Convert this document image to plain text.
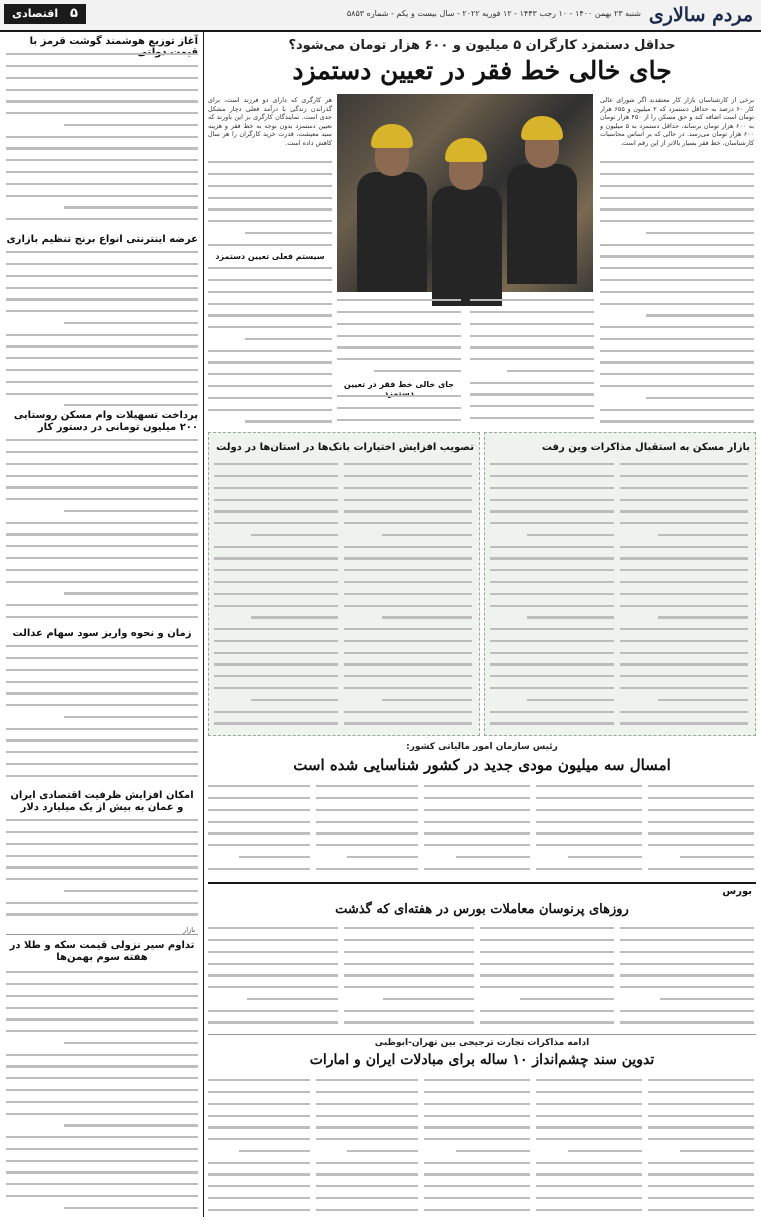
مردم سالاری
شنبه ۲۳ بهمن ۱۴۰۰ - ۱۰ رجب ۱۴۴۳ - ۱۲ فوریه ۲۰۲۲ - سال بیست و یکم - شماره ۵۸۵۳
۵ اقتصادی
حداقل دستمزد کارگران ۵ میلیون و ۶۰۰ هزار تومان می‌شود؟
جای خالی خط فقر در تعیین دستمزد
برخی از کارشناسان بازار کار معتقدند اگر شورای عالی کار ۶۰ درصد به حداقل دستمزد که ۲ میلیون و ۶۵۵ هزار تومان است اضافه کند و حق مسکن را از ۴۵۰ هزار تومان به ۶۰۰ هزار تومان برساند، حداقل دستمزد به ۵ میلیون و ۶۰۰ هزار تومان می‌رسد. در حالی که بر اساس محاسبات کارشناسان، خط فقر بسیار بالاتر از این رقم است.
هر کارگری که دارای دو فرزند است، برای گذراندن زندگی با درآمد فعلی دچار مشکل جدی است. نمایندگان کارگری بر این باورند که تعیین دستمزد بدون توجه به خط فقر و هزینه سبد معیشت، قدرت خرید کارگران را هر سال کاهش داده است.
سیستم فعلی تعیین دستمزد
جای خالی خط فقر در تعیین دستمزد
بازار مسکن به استقبال مذاکرات وین رفت
تصویب افزایش اختیارات بانک‌ها در استان‌ها در دولت
رئیس سازمان امور مالیاتی کشور:
امسال سه میلیون مودی جدید در کشور شناسایی شده است
بورس
روزهای پرنوسان معاملات بورس در هفته‌ای که گذشت
ادامه مذاکرات تجارت ترجیحی بین تهران-ابوظبی
تدوین سند چشم‌انداز ۱۰ ساله برای مبادلات ایران و امارات
آغاز توزیع هوشمند گوشت قرمز با قیمت دولتی
عرضه اینترنتی انواع برنج تنظیم بازاری
پرداخت تسهیلات وام مسکن روستایی ۲۰۰ میلیون تومانی در دستور کار
زمان و نحوه واریز سود سهام عدالت
امکان افزایش ظرفیت اقتصادی ایران و عمان به بیش از یک میلیارد دلار
بازار
تداوم سیر نزولی قیمت سکه و طلا در هفته سوم بهمن‌ها
